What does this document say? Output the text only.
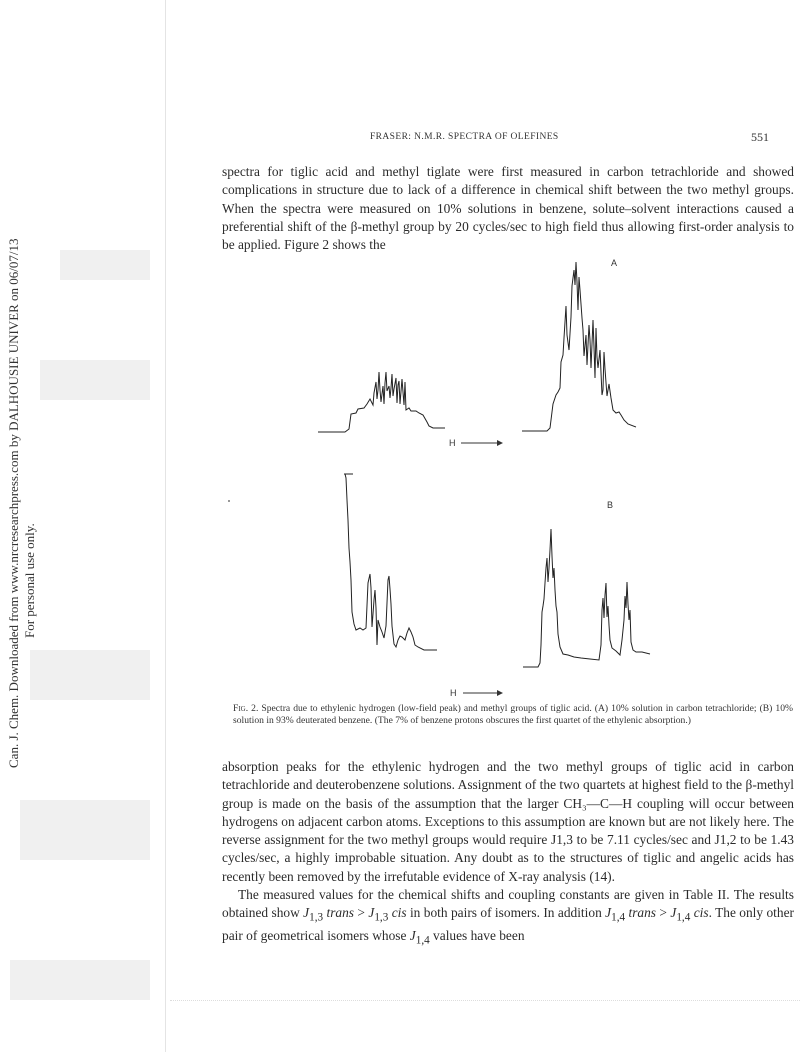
Can. J. Chem. Downloaded from www.nrcresearchpress.com by DALHOUSIE UNIVER on 06/07/13 For personal use only.
FRASER: N.M.R. SPECTRA OF OLEFINES	551

spectra for tiglic acid and methyl tiglate were first measured in carbon tetrachloride and showed complications in structure due to lack of a difference in chemical shift between the two methyl groups. When the spectra were measured on 10% solutions in benzene, solute–solvent interactions caused a preferential shift of the β-methyl group by 20 cycles/sec to high field thus allowing first-order analysis to be applied. Figure 2 shows the

A
B
H
H
Fig. 2. Spectra due to ethylenic hydrogen (low-field peak) and methyl groups of tiglic acid. (A) 10% solution in carbon tetrachloride; (B) 10% solution in 93% deuterated benzene. (The 7% of benzene protons obscures the first quartet of the ethylenic absorption.)

absorption peaks for the ethylenic hydrogen and the two methyl groups of tiglic acid in carbon tetrachloride and deuterobenzene solutions. Assignment of the two quartets at highest field to the β-methyl group is made on the basis of the assumption that the larger CH₃—C—H coupling will occur between hydrogens on adjacent carbon atoms. Exceptions to this assumption are known but are not likely here. The reverse assignment for the two methyl groups would require J1,3 to be 7.11 cycles/sec and J1,2 to be 1.43 cycles/sec, a highly improbable situation. Any doubt as to the structures of tiglic and angelic acids has recently been removed by the irrefutable evidence of X-ray analysis (14).

The measured values for the chemical shifts and coupling constants are given in Table II. The results obtained show $J_{1,3}$ trans > $J_{1,3}$ cis in both pairs of isomers. In addition $J_{1,4}$ trans > $J_{1,4}$ cis. The only other pair of geometrical isomers whose $J_{1,4}$ values have been
